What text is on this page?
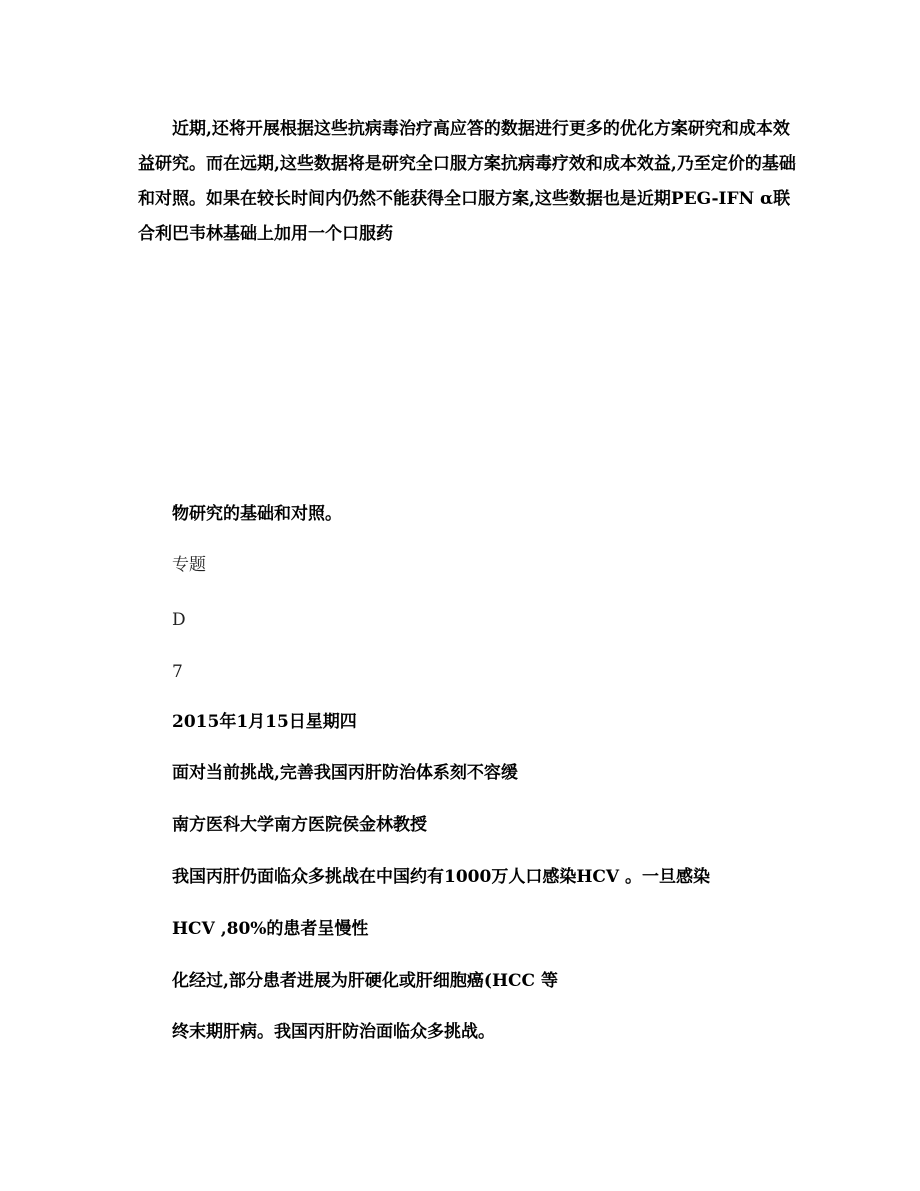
近期,还将开展根据这些抗病毒治疗高应答的数据进行更多的优化方案研究和成本效益研究。而在远期,这些数据将是研究全口服方案抗病毒疗效和成本效益,乃至定价的基础和对照。如果在较长时间内仍然不能获得全口服方案,这些数据也是近期PEG-IFN α联合利巴韦林基础上加用一个口服药

物研究的基础和对照。

专题

D

7

2015年1月15日星期四

面对当前挑战,完善我国丙肝防治体系刻不容缓

南方医科大学南方医院侯金林教授

我国丙肝仍面临众多挑战在中国约有1000万人口感染HCV 。一旦感染

HCV ,80%的患者呈慢性

化经过,部分患者进展为肝硬化或肝细胞癌(HCC 等

终末期肝病。我国丙肝防治面临众多挑战。
